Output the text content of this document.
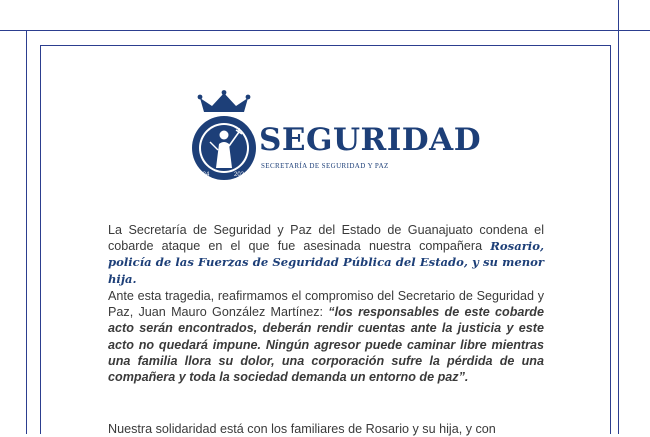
1824	2024
SEGURIDAD
SECRETARÍA DE SEGURIDAD Y PAZ
La Secretaría de Seguridad y Paz del Estado de Guanajuato condena el cobarde ataque en el que fue asesinada nuestra compañera Rosario, policía de las Fuerzas de Seguridad Pública del Estado, y su menor hija.
Ante esta tragedia, reafirmamos el compromiso del Secretario de Seguridad y Paz, Juan Mauro González Martínez: “los responsables de este cobarde acto serán encontrados, deberán rendir cuentas ante la justicia y este acto no quedará impune. Ningún agresor puede caminar libre mientras una familia llora su dolor, una corporación sufre la pérdida de una compañera y toda la sociedad demanda un entorno de paz”.
Nuestra solidaridad está con los familiares de Rosario y su hija, y con
